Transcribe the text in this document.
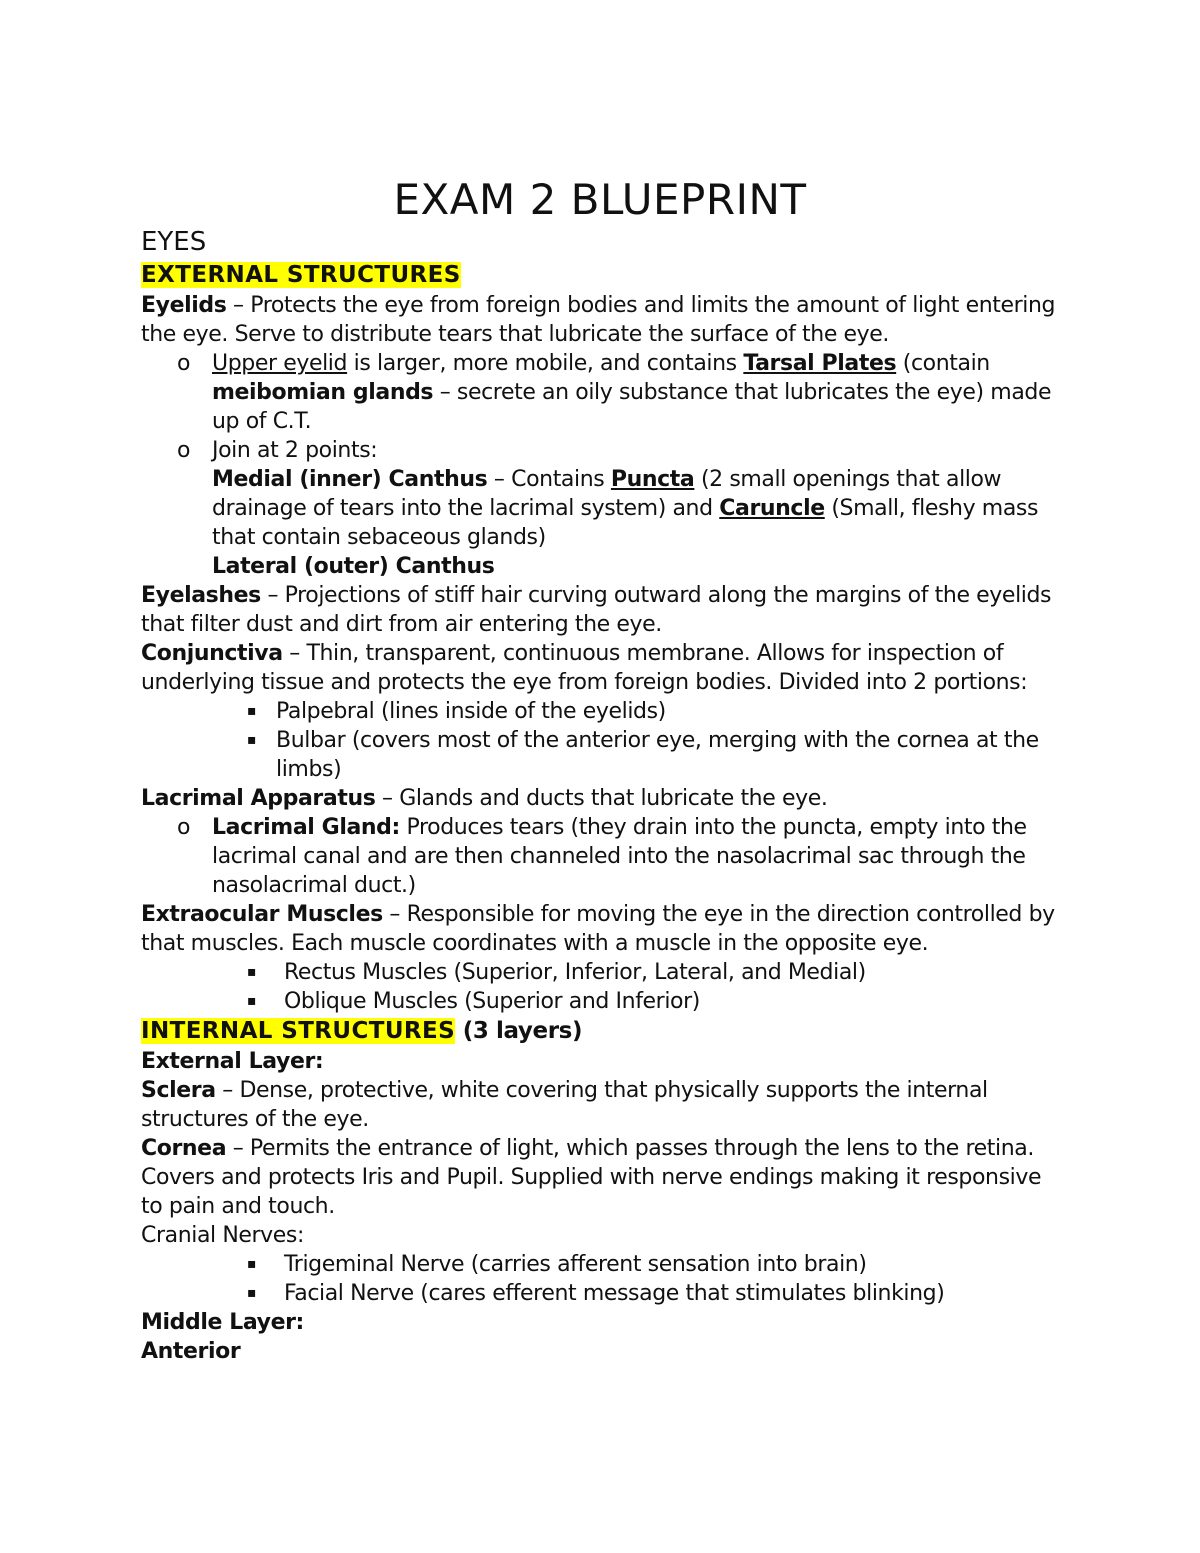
EXAM 2 BLUEPRINT
EYES
EXTERNAL STRUCTURES

Eyelids – Protects the eye from foreign bodies and limits the amount of light entering the eye. Serve to distribute tears that lubricate the surface of the eye.

o Upper eyelid is larger, more mobile, and contains Tarsal Plates (contain meibomian glands – secrete an oily substance that lubricates the eye) made up of C.T.
o Join at 2 points:
Medial (inner) Canthus – Contains Puncta (2 small openings that allow drainage of tears into the lacrimal system) and Caruncle (Small, fleshy mass that contain sebaceous glands)
Lateral (outer) Canthus

Eyelashes – Projections of stiff hair curving outward along the margins of the eyelids that filter dust and dirt from air entering the eye.

Conjunctiva – Thin, transparent, continuous membrane. Allows for inspection of underlying tissue and protects the eye from foreign bodies. Divided into 2 portions:

▪ Palpebral (lines inside of the eyelids)
▪ Bulbar (covers most of the anterior eye, merging with the cornea at the limbs)

Lacrimal Apparatus – Glands and ducts that lubricate the eye.

o Lacrimal Gland: Produces tears (they drain into the puncta, empty into the lacrimal canal and are then channeled into the nasolacrimal sac through the nasolacrimal duct.)

Extraocular Muscles – Responsible for moving the eye in the direction controlled by that muscles. Each muscle coordinates with a muscle in the opposite eye.

▪ Rectus Muscles (Superior, Inferior, Lateral, and Medial)
▪ Oblique Muscles (Superior and Inferior)
INTERNAL STRUCTURES (3 layers)
External Layer:

Sclera – Dense, protective, white covering that physically supports the internal structures of the eye.

Cornea – Permits the entrance of light, which passes through the lens to the retina. Covers and protects Iris and Pupil. Supplied with nerve endings making it responsive to pain and touch.

Cranial Nerves:
▪ Trigeminal Nerve (carries afferent sensation into brain)
▪ Facial Nerve (cares efferent message that stimulates blinking)
Middle Layer:
Anterior
